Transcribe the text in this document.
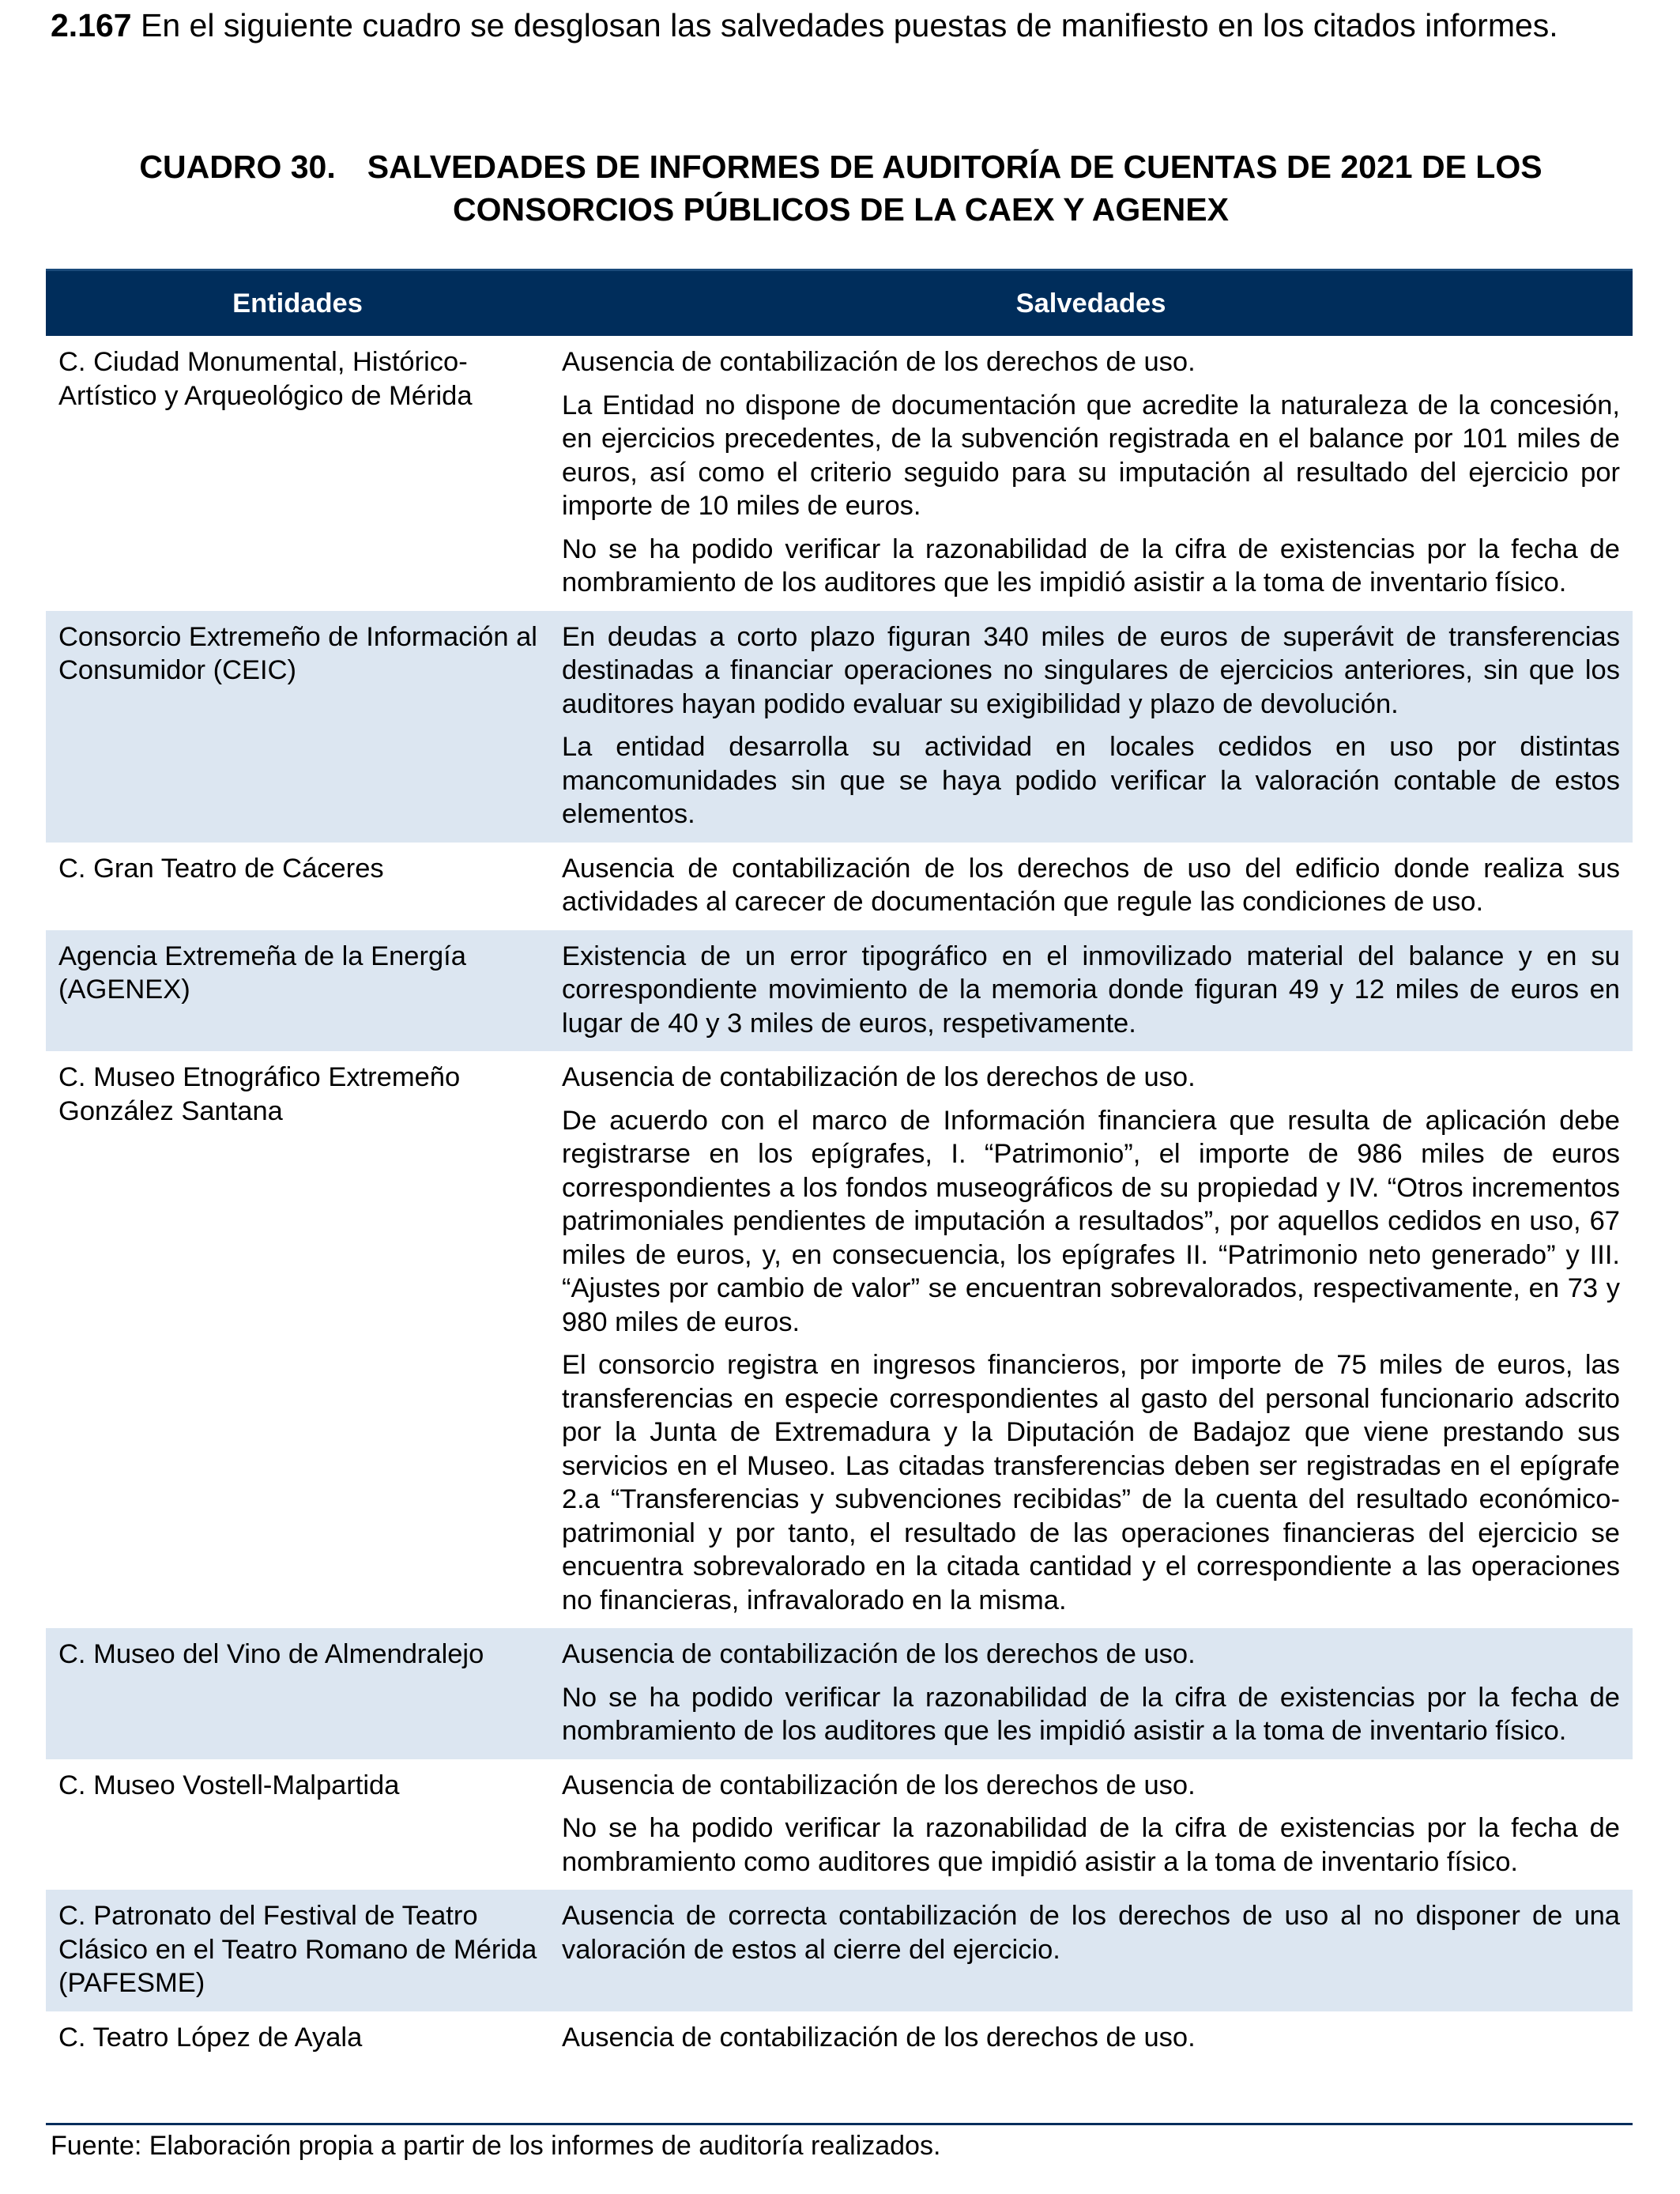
2.167 En el siguiente cuadro se desglosan las salvedades puestas de manifiesto en los citados informes.
CUADRO 30. SALVEDADES DE INFORMES DE AUDITORÍA DE CUENTAS DE 2021 DE LOS
CONSORCIOS PÚBLICOS DE LA CAEX Y AGENEX
Entidades	Salvedades
C. Ciudad Monumental, Histórico-Artístico y Arqueológico de Mérida	Ausencia de contabilización de los derechos de uso.

La Entidad no dispone de documentación que acredite la naturaleza de la concesión, en ejercicios precedentes, de la subvención registrada en el balance por 101 miles de euros, así como el criterio seguido para su imputación al resultado del ejercicio por importe de 10 miles de euros.

No se ha podido verificar la razonabilidad de la cifra de existencias por la fecha de nombramiento de los auditores que les impidió asistir a la toma de inventario físico.

Consorcio Extremeño de Información al Consumidor (CEIC)	En deudas a corto plazo figuran 340 miles de euros de superávit de transferencias destinadas a financiar operaciones no singulares de ejercicios anteriores, sin que los auditores hayan podido evaluar su exigibilidad y plazo de devolución.

La entidad desarrolla su actividad en locales cedidos en uso por distintas mancomunidades sin que se haya podido verificar la valoración contable de estos elementos.

C. Gran Teatro de Cáceres	Ausencia de contabilización de los derechos de uso del edificio donde realiza sus actividades al carecer de documentación que regule las condiciones de uso.

Agencia Extremeña de la Energía (AGENEX)	Existencia de un error tipográfico en el inmovilizado material del balance y en su correspondiente movimiento de la memoria donde figuran 49 y 12 miles de euros en lugar de 40 y 3 miles de euros, respetivamente.

C. Museo Etnográfico Extremeño González Santana	Ausencia de contabilización de los derechos de uso.

De acuerdo con el marco de Información financiera que resulta de aplicación debe registrarse en los epígrafes, I. “Patrimonio”, el importe de 986 miles de euros correspondientes a los fondos museográficos de su propiedad y IV. “Otros incrementos patrimoniales pendientes de imputación a resultados”, por aquellos cedidos en uso, 67 miles de euros, y, en consecuencia, los epígrafes II. “Patrimonio neto generado” y III. “Ajustes por cambio de valor” se encuentran sobrevalorados, respectivamente, en 73 y 980 miles de euros.

El consorcio registra en ingresos financieros, por importe de 75 miles de euros, las transferencias en especie correspondientes al gasto del personal funcionario adscrito por la Junta de Extremadura y la Diputación de Badajoz que viene prestando sus servicios en el Museo. Las citadas transferencias deben ser registradas en el epígrafe 2.a “Transferencias y subvenciones recibidas” de la cuenta del resultado económico-patrimonial y por tanto, el resultado de las operaciones financieras del ejercicio se encuentra sobrevalorado en la citada cantidad y el correspondiente a las operaciones no financieras, infravalorado en la misma.

C. Museo del Vino de Almendralejo	Ausencia de contabilización de los derechos de uso.

No se ha podido verificar la razonabilidad de la cifra de existencias por la fecha de nombramiento de los auditores que les impidió asistir a la toma de inventario físico.

C. Museo Vostell-Malpartida	Ausencia de contabilización de los derechos de uso.

No se ha podido verificar la razonabilidad de la cifra de existencias por la fecha de nombramiento como auditores que impidió asistir a la toma de inventario físico.

C. Patronato del Festival de Teatro Clásico en el Teatro Romano de Mérida (PAFESME)	Ausencia de correcta contabilización de los derechos de uso al no disponer de una valoración de estos al cierre del ejercicio.

C. Teatro López de Ayala	Ausencia de contabilización de los derechos de uso.

Fuente: Elaboración propia a partir de los informes de auditoría realizados.
